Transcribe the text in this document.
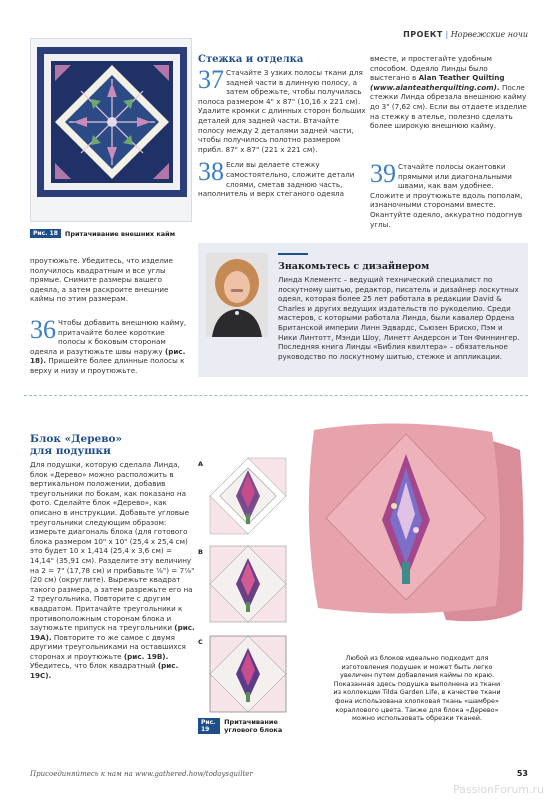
ПРОЕКТ | Норвежские ночи
Рис. 18	Притачивание внешних кайм
Стежка и отделка
37 Стачайте 3 узких полосы ткани для задней части в длинную полосу, а затем обрежьте, чтобы получилась полоса размером 4" x 87" (10,16 x 221 см). Удалите кромки с длинных сторон больших деталей для задней части. Втачайте полосу между 2 деталями задней части, чтобы получилось полотно размером прибл. 87" x 87" (221 x 221 см).
38 Если вы делаете стежку самостоятельно, сложите детали слоями, сметав заднюю часть, наполнитель и верх стеганого одеяла
вместе, и простегайте удобным способом. Одеяло Линды было выстегано в Alan Teather Quilting (www.alanteatherquilting.com). После стежки Линда обрезала внешнюю кайму до 3" (7,62 см). Если вы отдаете изделие на стежку в ателье, полезно сделать более широкую внешнюю кайму.
39 Стачайте полосы окантовки прямыми или диагональными швами, как вам удобнее. Сложите и проутюжьте вдоль пополам, изнаночными сторонами вместе. Окантуйте одеяло, аккуратно подогнув углы.
проутюжьте. Убедитесь, что изделие получилось квадратным и все углы прямые. Снимите размеры вашего одеяла, а затем раскроите внешние каймы по этим размерам.
36 Чтобы добавить внешнюю кайму, притачайте более короткие полосы к боковым сторонам одеяла и разутюжьте швы наружу (рис. 18). Пришейте более длинные полосы к верху и низу и проутюжьте.
Знакомьтесь с дизайнером
Линда Клементс – ведущий технический специалист по лоскутному шитью, редактор, писатель и дизайнер лоскутных одеял, которая более 25 лет работала в редакции David & Charles и других ведущих издательств по рукоделию. Среди мастеров, с которыми работала Линда, были кавалер Ордена Британской империи Линн Эдвардс, Сьюзен Бриско, Пэм и Ники Линтотт, Мэнди Шоу, Линетт Андерсон и Тон Финнингер. Последняя книга Линды «Библия квилтера» – обязательное руководство по лоскутному шитью, стежке и аппликации.
Блок «Дерево»
для подушки
Для подушки, которую сделала Линда, блок «Дерево» можно расположить в вертикальном положении, добавив треугольники по бокам, как показано на фото. Сделайте блок «Дерево», как описано в инструкции. Добавьте угловые треугольники следующим образом: измерьте диагональ блока (для готового блока размером 10" x 10" (25,4 x 25,4 см) это будет 10 x 1,414 (25,4 x 3,6 см) = 14,14" (35,91 см). Разделите эту величину на 2 = 7" (17,78 см) и прибавьте ⅞") = 7⅞" (20 см) (округлите). Вырежьте квадрат такого размера, а затем разрежьте его на 2 треугольника. Повторите с другим квадратом. Притачайте треугольники к противоположным сторонам блока и заутюжьте припуск на треугольники (рис. 19А). Повторите то же самое с двумя другими треугольниками на оставшихся сторонах и проутюжьте (рис. 19В). Убедитесь, что блок квадратный (рис. 19С).
A
B
C
Рис. 19
Притачивание углового блока
Любой из блоков идеально подходит для изготовления подушек и может быть легко увеличен путем добавления каймы по краю. Показанная здесь подушка выполнена из ткани из коллекции Tilda Garden Life, в качестве ткани фона использована хлопковая ткань «шамбре» кораллового цвета. Также для блока «Дерево» можно использовать обрезки тканей.
Присоединяйтесь к нам на www.gathered.how/todaysquilter	53
PassionForum.ru
